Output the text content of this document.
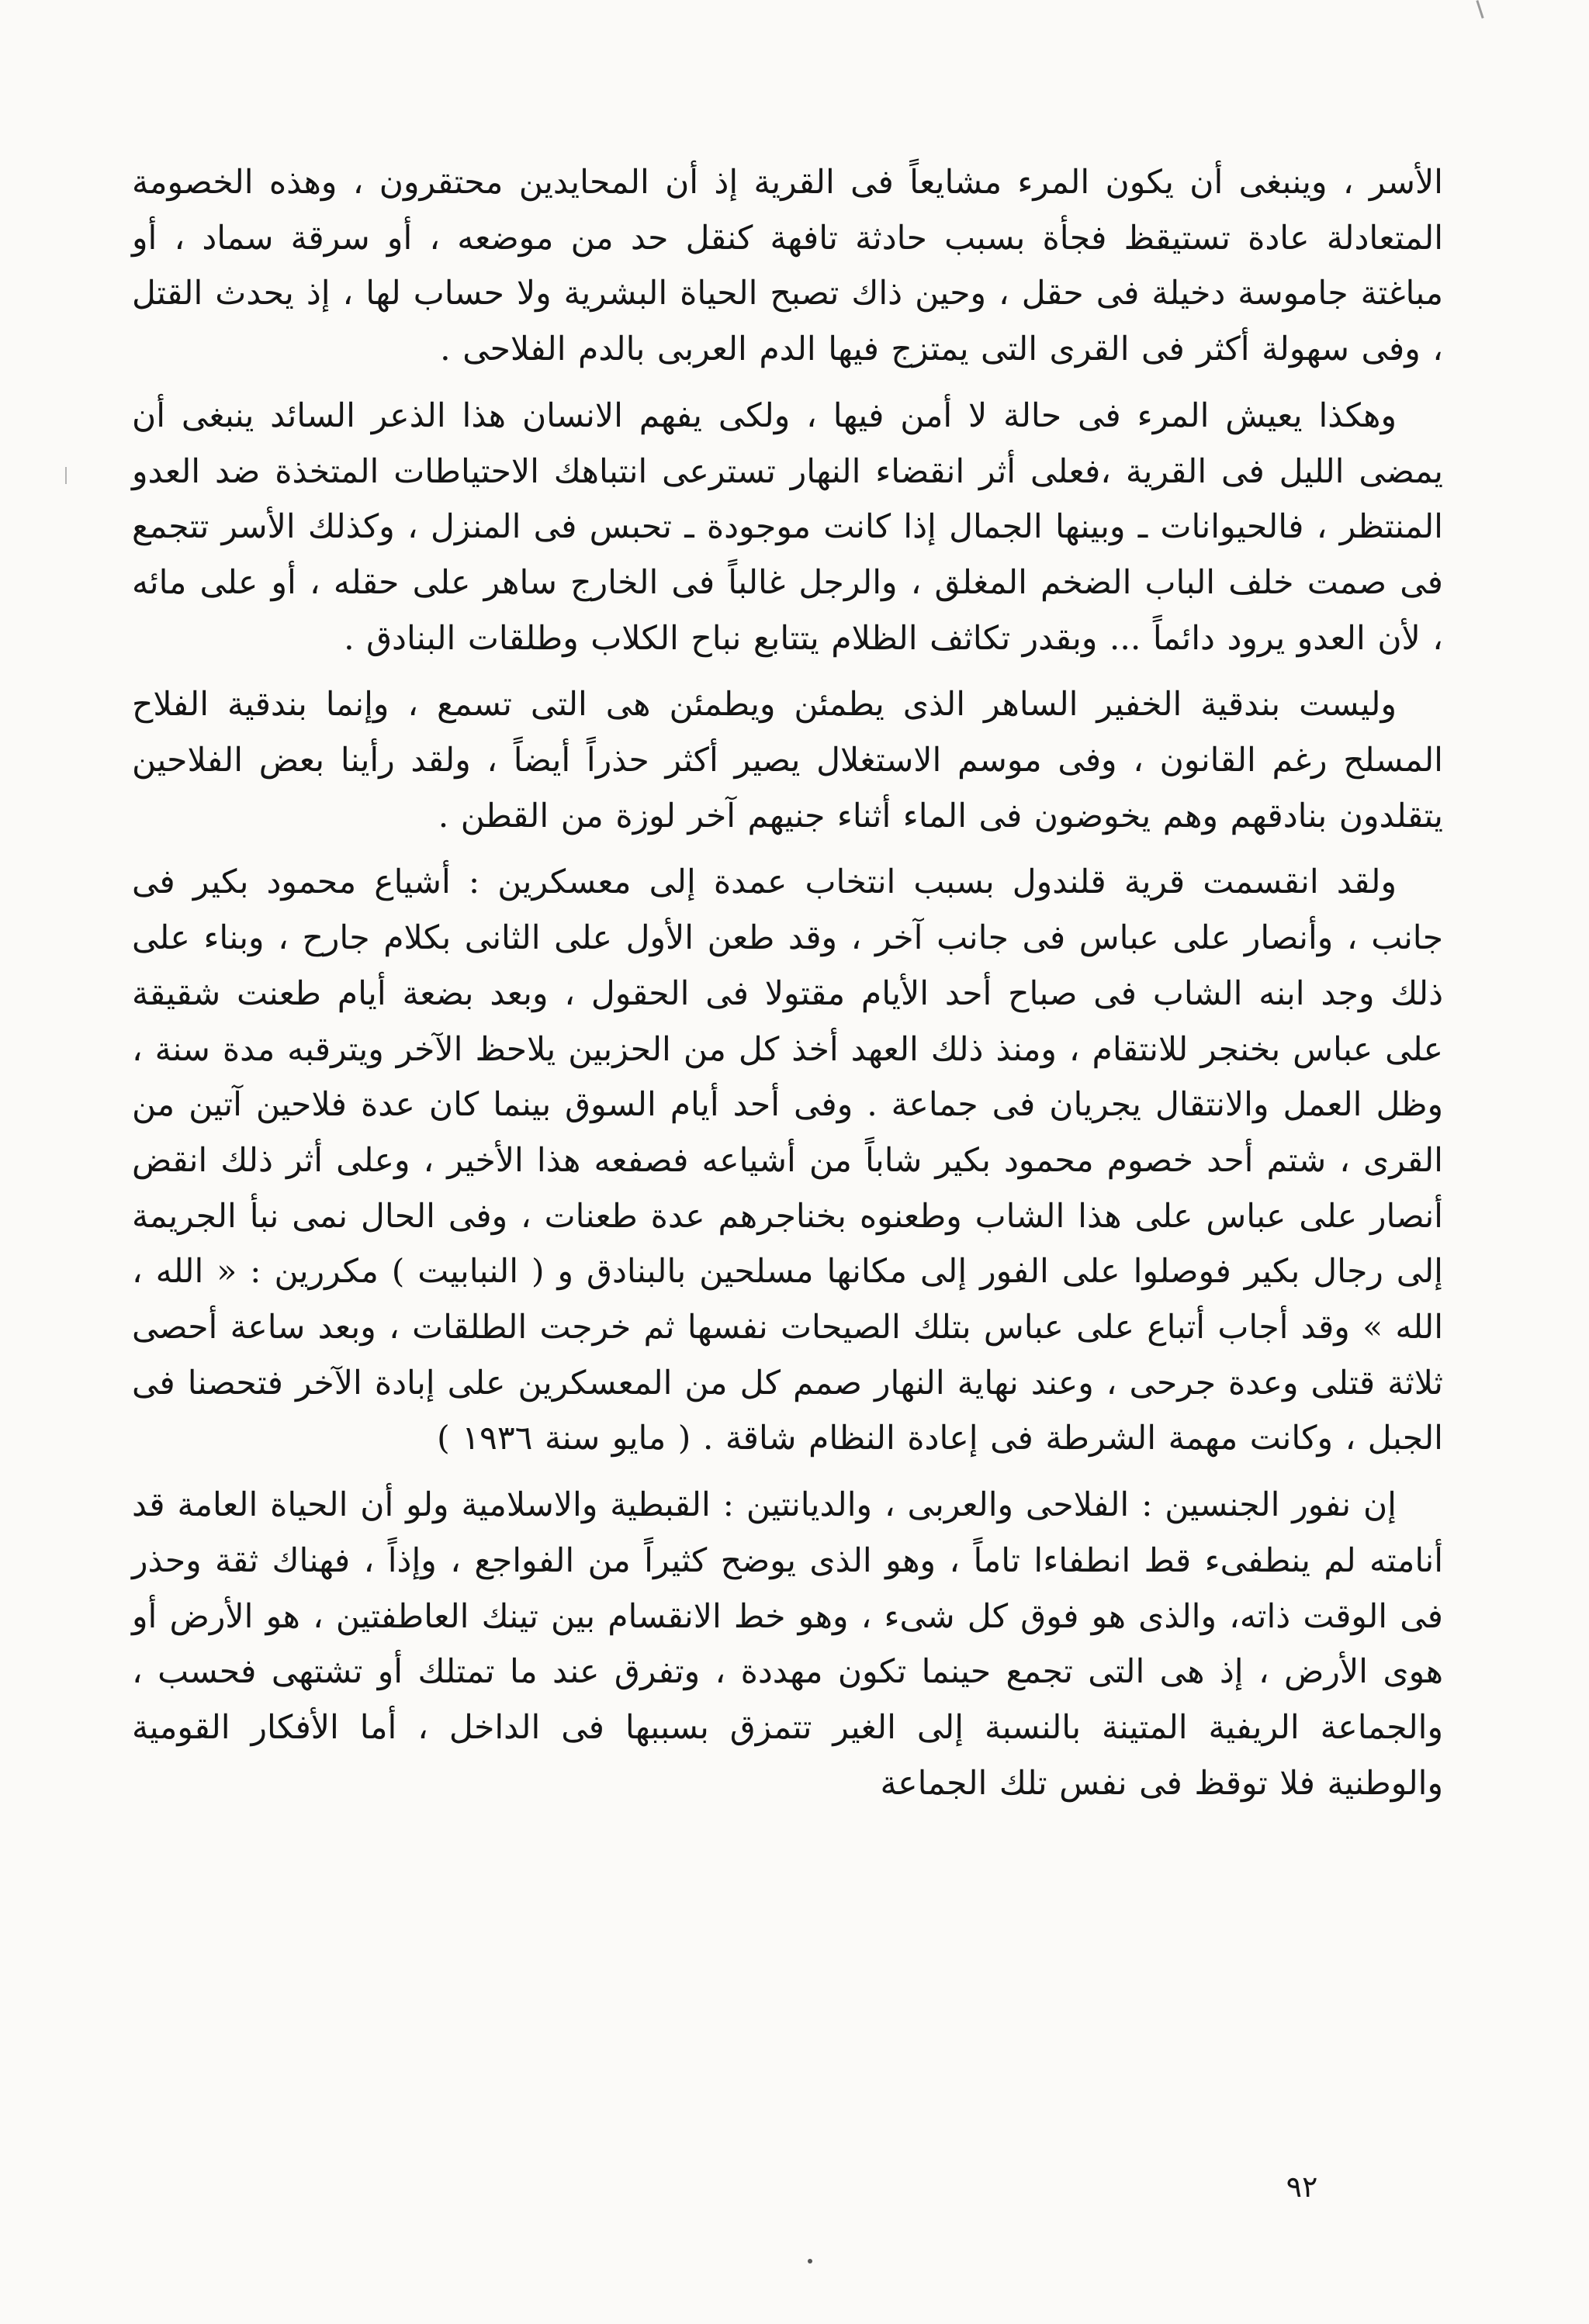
الأسر ، وينبغى أن يكون المرء مشايعاً فى القرية إذ أن المحايدين محتقرون ، وهذه الخصومة المتعادلة عادة تستيقظ فجأة بسبب حادثة تافهة كنقل حد من موضعه ، أو سرقة سماد ، أو مباغتة جاموسة دخيلة فى حقل ، وحين ذاك تصبح الحياة البشرية ولا حساب لها ، إذ يحدث القتل ، وفى سهولة أكثر فى القرى التى يمتزج فيها الدم العربى بالدم الفلاحى .

وهكذا يعيش المرء فى حالة لا أمن فيها ، ولكى يفهم الانسان هذا الذعر السائد ينبغى أن يمضى الليل فى القرية ،فعلى أثر انقضاء النهار تسترعى انتباهك الاحتياطات المتخذة ضد العدو المنتظر ، فالحيوانات ـ وبينها الجمال إذا كانت موجودة ـ تحبس فى المنزل ، وكذلك الأسر تتجمع فى صمت خلف الباب الضخم المغلق ، والرجل غالباً فى الخارج ساهر على حقله ، أو على مائه ، لأن العدو يرود دائماً ... وبقدر تكاثف الظلام يتتابع نباح الكلاب وطلقات البنادق .

وليست بندقية الخفير الساهر الذى يطمئن ويطمئن هى التى تسمع ، وإنما بندقية الفلاح المسلح رغم القانون ، وفى موسم الاستغلال يصير أكثر حذراً أيضاً ، ولقد رأينا بعض الفلاحين يتقلدون بنادقهم وهم يخوضون فى الماء أثناء جنيهم آخر لوزة من القطن .

ولقد انقسمت قرية قلندول بسبب انتخاب عمدة إلى معسكرين : أشياع محمود بكير فى جانب ، وأنصار على عباس فى جانب آخر ، وقد طعن الأول على الثانى بكلام جارح ، وبناء على ذلك وجد ابنه الشاب فى صباح أحد الأيام مقتولا فى الحقول ، وبعد بضعة أيام طعنت شقيقة على عباس بخنجر للانتقام ، ومنذ ذلك العهد أخذ كل من الحزبين يلاحظ الآخر ويترقبه مدة سنة ، وظل العمل والانتقال يجريان فى جماعة . وفى أحد أيام السوق بينما كان عدة فلاحين آتين من القرى ، شتم أحد خصوم محمود بكير شاباً من أشياعه فصفعه هذا الأخير ، وعلى أثر ذلك انقض أنصار على عباس على هذا الشاب وطعنوه بخناجرهم عدة طعنات ، وفى الحال نمى نبأ الجريمة إلى رجال بكير فوصلوا على الفور إلى مكانها مسلحين بالبنادق و ( النبابيت ) مكررين : « الله ، الله » وقد أجاب أتباع على عباس بتلك الصيحات نفسها ثم خرجت الطلقات ، وبعد ساعة أحصى ثلاثة قتلى وعدة جرحى ، وعند نهاية النهار صمم كل من المعسكرين على إبادة الآخر فتحصنا فى الجبل ، وكانت مهمة الشرطة فى إعادة النظام شاقة . ( مايو سنة ١٩٣٦ )

إن نفور الجنسين : الفلاحى والعربى ، والديانتين : القبطية والاسلامية ولو أن الحياة العامة قد أنامته لم ينطفىء قط انطفاءا تاماً ، وهو الذى يوضح كثيراً من الفواجع ، وإذاً ، فهناك ثقة وحذر فى الوقت ذاته، والذى هو فوق كل شىء ، وهو خط الانقسام بين تينك العاطفتين ، هو الأرض أو هوى الأرض ، إذ هى التى تجمع حينما تكون مهددة ، وتفرق عند ما تمتلك أو تشتهى فحسب ، والجماعة الريفية المتينة بالنسبة إلى الغير تتمزق بسببها فى الداخل ، أما الأفكار القومية والوطنية فلا توقظ فى نفس تلك الجماعة

٩٢
